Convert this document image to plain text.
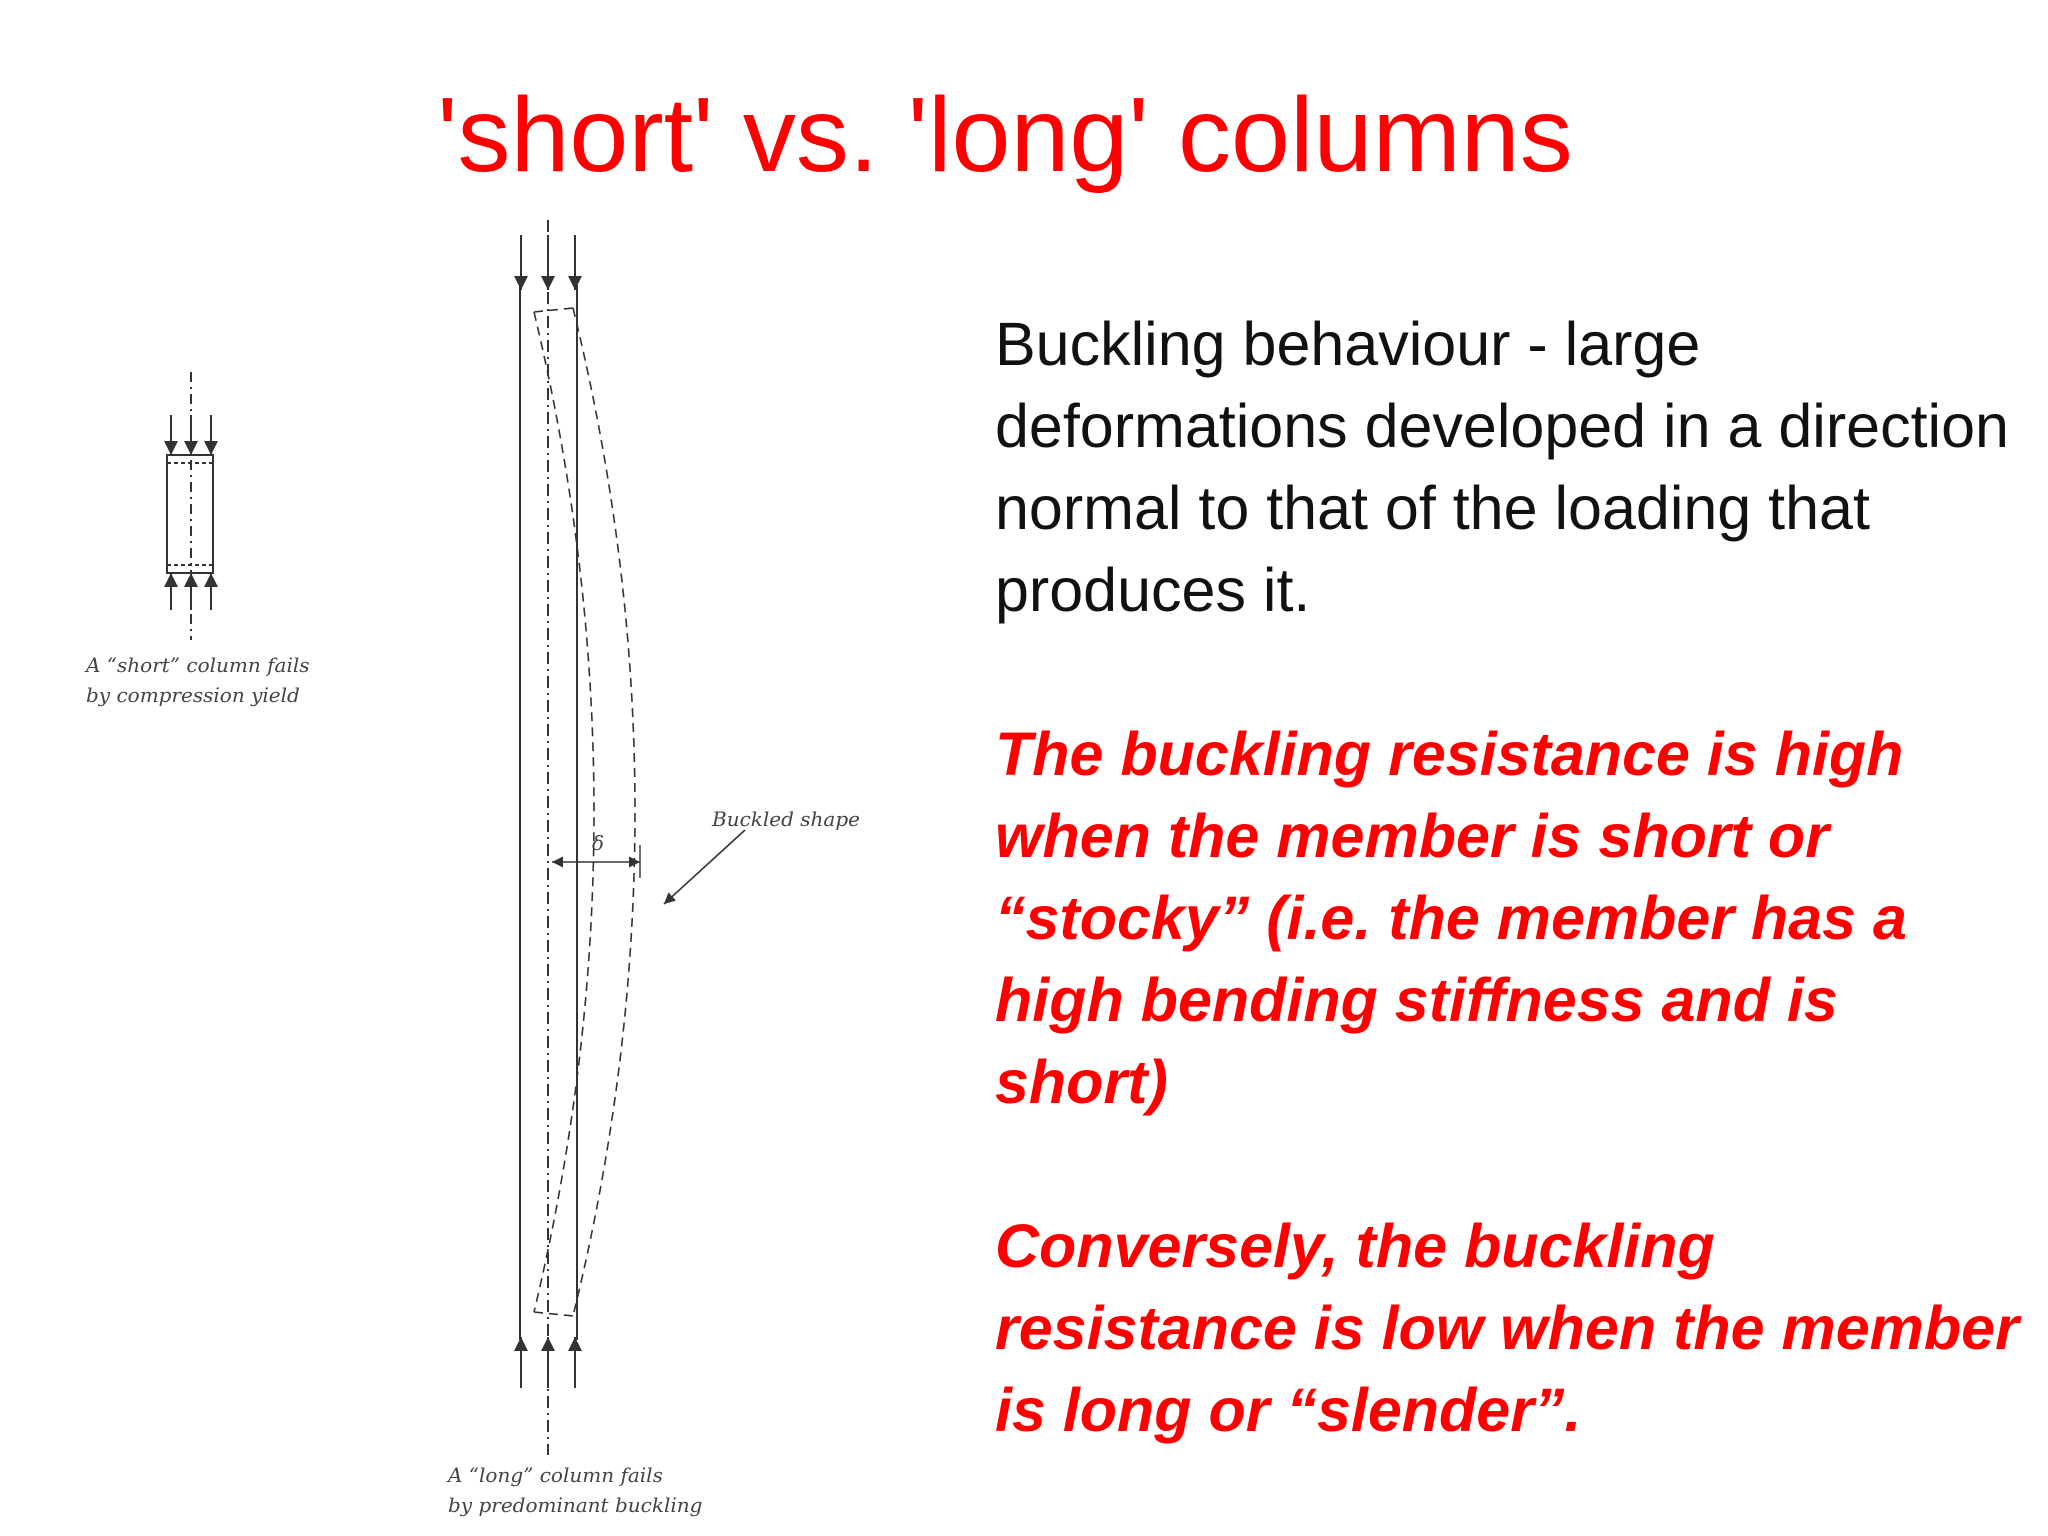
'short' vs. 'long' columns
A “short” column fails
by compression yield
δ
Buckled shape
A “long” column fails
by predominant buckling

Buckling behaviour - large deformations developed in a direction normal to that of the loading that produces it.

The buckling resistance is high when the member is short or “stocky” (i.e. the member has a high bending stiffness and is short)

Conversely, the buckling resistance is low when the member is long or “slender”.
